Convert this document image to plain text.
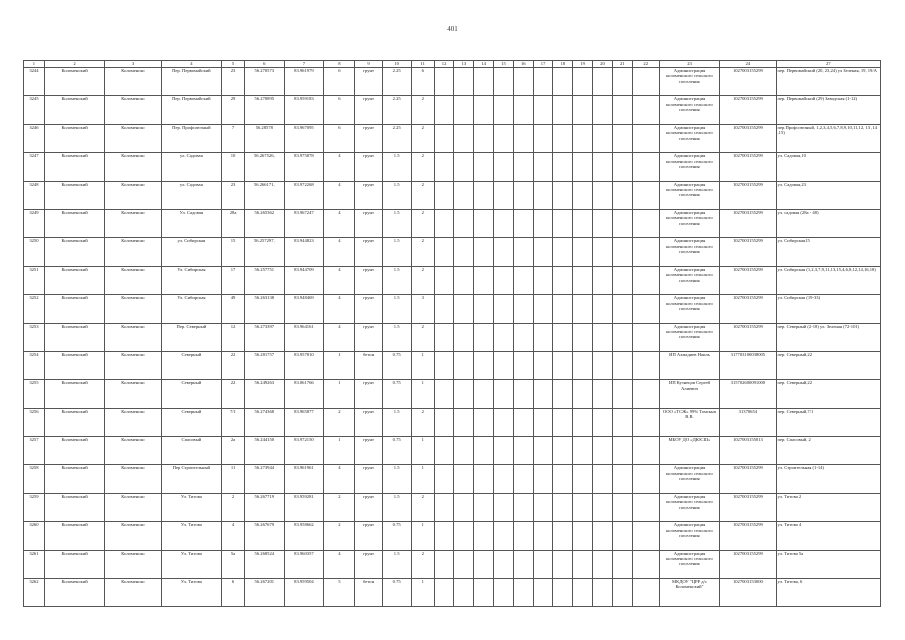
401
1	2	3	4	5	6	7	8	9	10	11	12	13	14	15	16	17	18	19	20	21	22	23	24	27
3244	Коломенский	Коломенско	Пер. Первомайский	23	56.270573	83.961979	6	грунт	2.25	6												Администрация коломенского сельского поселения	1027003155299	пер. Первомайский (20, 23,24) ул Зеленая, 19, 19/А
3245	Коломенский	Коломенско	Пер. Первомайский	29	56.270895	83.959183	6	грунт	2.25	2												Администрация коломенского сельского поселения	1027003155299	пер. Первомайский (29) Заводская (1-12)
3246	Коломенский	Коломенско	Пер. Профсоюзный	7	56.28578	83.967095	6	грунт	2.25	2												Администрация коломенского сельского поселения	1027003155299	пер.Профсоюзный, 1,2,3,4,5,6,7,8,9,10,11,12, 13 ,14 ,15)
3247	Коломенский	Коломенско	ул. Садовая	10	56.267526,	83.975878	4	грунт	1.5	2												Администрация коломенского сельского поселения	1027003155299	ул. Садовая,10
3248	Коломенский	Коломенско	ул. Садовая	23	56.266171,	83.972268	4	грунт	1.5	2												Администрация коломенского сельского поселения	1027003155299	ул. Садовая,23
3249	Коломенский	Коломенско	Ул. Садовая	28а	56.265362	83.967247	4	грунт	1.5	2												Администрация коломенского сельского поселения	1027003155299	ул. садовая (28а - 48)
3250	Коломенский	Коломенско	ул. Сибирская	15	56.257297,	83.944823	4	грунт	1.5	2												Администрация коломенского сельского поселения	1027003155299	ул. Сибирская15
3251	Коломенский	Коломенско	Ул. Сибирская	17	56.257751	83.944709	4	грунт	1.5	2												Администрация коломенского сельского поселения	1027003155299	ул. Сибирская (1,2,3,7,9,11,13,15,4,6,8,12,14,16,18)
3252	Коломенский	Коломенско	Ул. Сибирская	49	56.263138	83.948469	4	грунт	1.5	3												Администрация коломенского сельского поселения	1027003155299	ул. Сибирская (19-33)
3253	Коломенский	Коломенско	Пер. Северный	12	56.273397	83.964161	4	грунт	1.5	2												Администрация коломенского сельского поселения	1027003155299	пер. Северный (2-18) ул. Зеленая (72-101)
3254	Коломенский	Коломенско	Северный	22	56.281757	83.957810	1	бетон	0.75	1												ИП Ахмадиев Наиль	317703100038005	пер. Северный,22
3255	Коломенский	Коломенско	Северный	22	56.249263	83.061766	1	грунт	0.75	1												ИП Кузнецов Сергей Алиевич	315702600091000	пер. Северный,22
3256	Коломенский	Коломенско	Северный	7/1	56.274368	83.965877	2	грунт	1.5	2												ООО «ТСЖ» 99% Томскнп В.В.	31370654	пер. Северный,7/1
3257	Коломенский	Коломенско	Спасовый	2а	56.244150	83.972150	1	грунт	0.75	1												МБОУ ДО «ДЮСШ»	1027003155013	пер. Спасовый, 2
3258	Коломенский	Коломенско	Пер Строительный	11	56.273944	83.961961	4	грунт	1.5	1												Администрация коломенского сельского поселения	1027003155299	ул. Строительная (1-14)
3259	Коломенский	Коломенско	Ул. Титова	2	56.267719	83.959281	2	грунт	1.5	2												Администрация коломенского сельского поселения	1027003155299	ул. Титова 2
3260	Коломенский	Коломенско	Ул. Титова	4	56.267679	83.958662	2	грунт	0.75	1												Администрация коломенского сельского поселения	1027003155299	ул. Титова 4
3261	Коломенский	Коломенско	Ул. Титова	5а	56.268524	83.960357	4	грунт	1.5	2												Администрация коломенского сельского поселения	1027003155299	ул. Титова 5а
3262	Коломенский	Коломенско	Ул. Титова	6	56.267201	83.959504	5	бетон	0.75	1												МКДОУ "ЦРР д/с Коломенский"	1027003153000	ул. Титова, 6
